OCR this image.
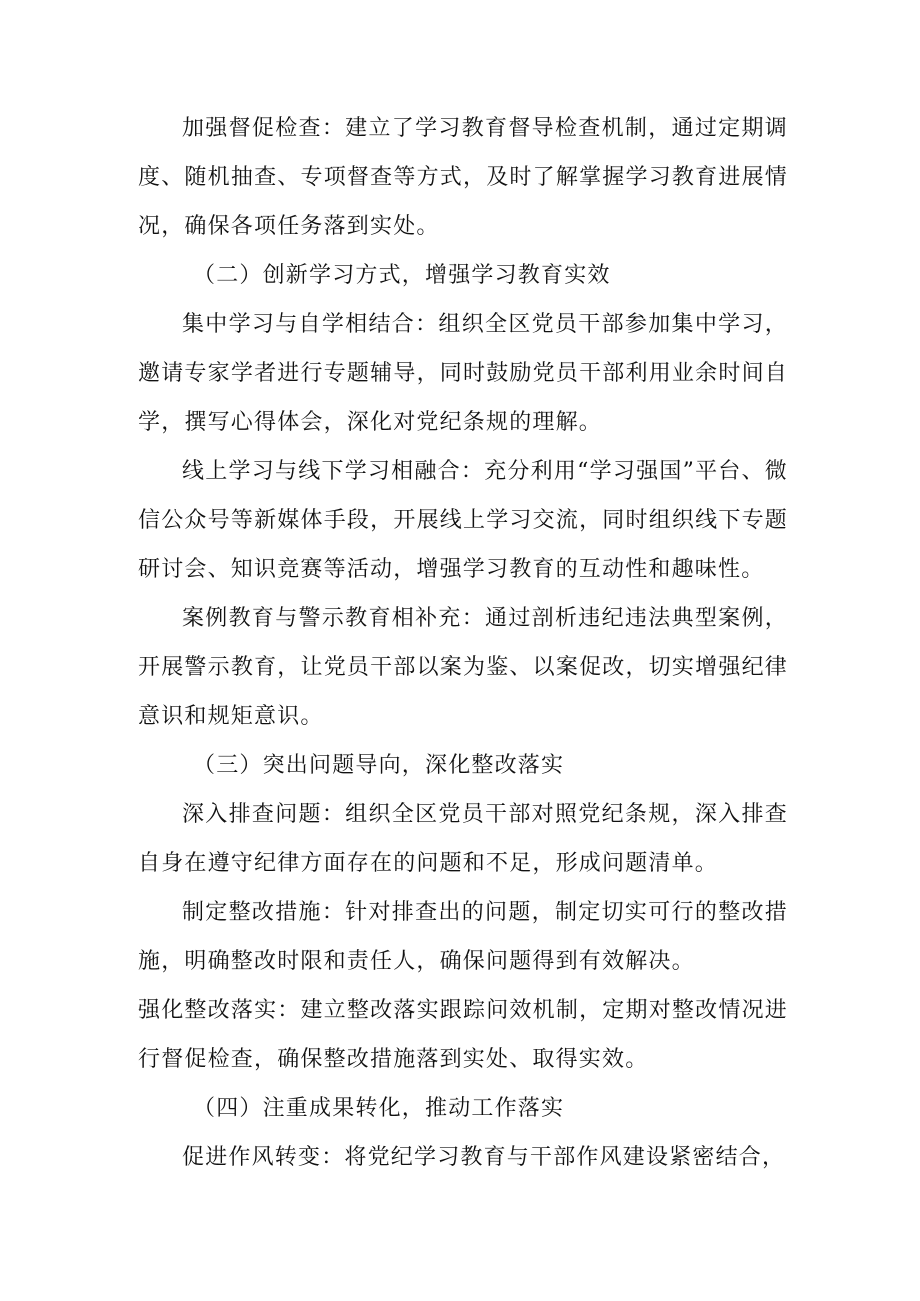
加强督促检查：建立了学习教育督导检查机制，通过定期调度、随机抽查、专项督查等方式，及时了解掌握学习教育进展情况，确保各项任务落到实处。

（二）创新学习方式，增强学习教育实效

集中学习与自学相结合：组织全区党员干部参加集中学习，邀请专家学者进行专题辅导，同时鼓励党员干部利用业余时间自学，撰写心得体会，深化对党纪条规的理解。

线上学习与线下学习相融合：充分利用“学习强国”平台、微信公众号等新媒体手段，开展线上学习交流，同时组织线下专题研讨会、知识竞赛等活动，增强学习教育的互动性和趣味性。

案例教育与警示教育相补充：通过剖析违纪违法典型案例，开展警示教育，让党员干部以案为鉴、以案促改，切实增强纪律意识和规矩意识。

（三）突出问题导向，深化整改落实

深入排查问题：组织全区党员干部对照党纪条规，深入排查自身在遵守纪律方面存在的问题和不足，形成问题清单。

制定整改措施：针对排查出的问题，制定切实可行的整改措施，明确整改时限和责任人，确保问题得到有效解决。

强化整改落实：建立整改落实跟踪问效机制，定期对整改情况进行督促检查，确保整改措施落到实处、取得实效。

（四）注重成果转化，推动工作落实

促进作风转变：将党纪学习教育与干部作风建设紧密结合，
